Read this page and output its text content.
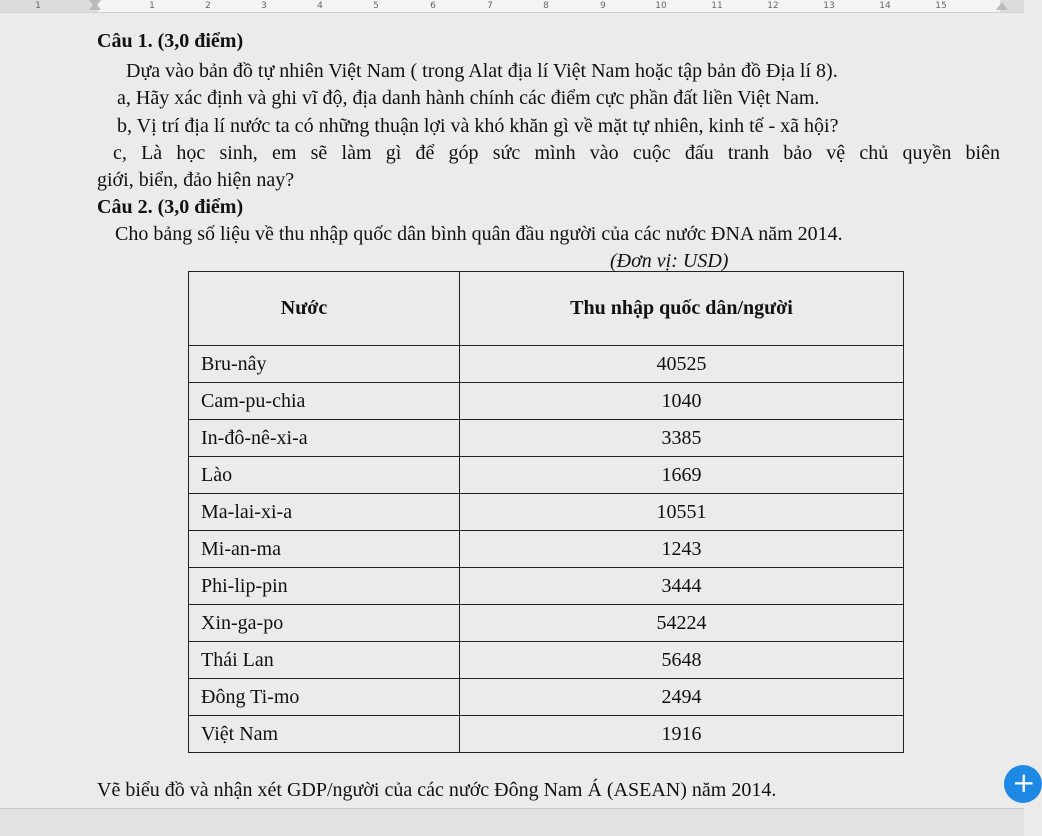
1	1	2	3	4	5	6	7	8	9	10	11	12	13	14	15
Câu 1. (3,0 điểm)
Dựa vào bản đồ tự nhiên Việt Nam ( trong Alat địa lí Việt Nam hoặc tập bản đồ Địa lí 8).
a, Hãy xác định và ghi vĩ độ, địa danh hành chính các điểm cực phần đất liền Việt Nam.
b, Vị trí địa lí nước ta có những thuận lợi và khó khăn gì về mặt tự nhiên, kinh tế - xã hội?
c, Là học sinh, em sẽ làm gì để góp sức mình vào cuộc đấu tranh bảo vệ chủ quyền biên
giới, biển, đảo hiện nay?
Câu 2. (3,0 điểm)
Cho bảng số liệu về thu nhập quốc dân bình quân đầu người của các nước ĐNA năm 2014.
(Đơn vị: USD)
Nước	Thu nhập quốc dân/người
Bru-nây	40525
Cam-pu-chia	1040
In-đô-nê-xi-a	3385
Lào	1669
Ma-lai-xi-a	10551
Mi-an-ma	1243
Phi-lip-pin	3444
Xin-ga-po	54224
Thái Lan	5648
Đông Ti-mo	2494
Việt Nam	1916
Vẽ biểu đồ và nhận xét GDP/người của các nước Đông Nam Á (ASEAN) năm 2014.	+
